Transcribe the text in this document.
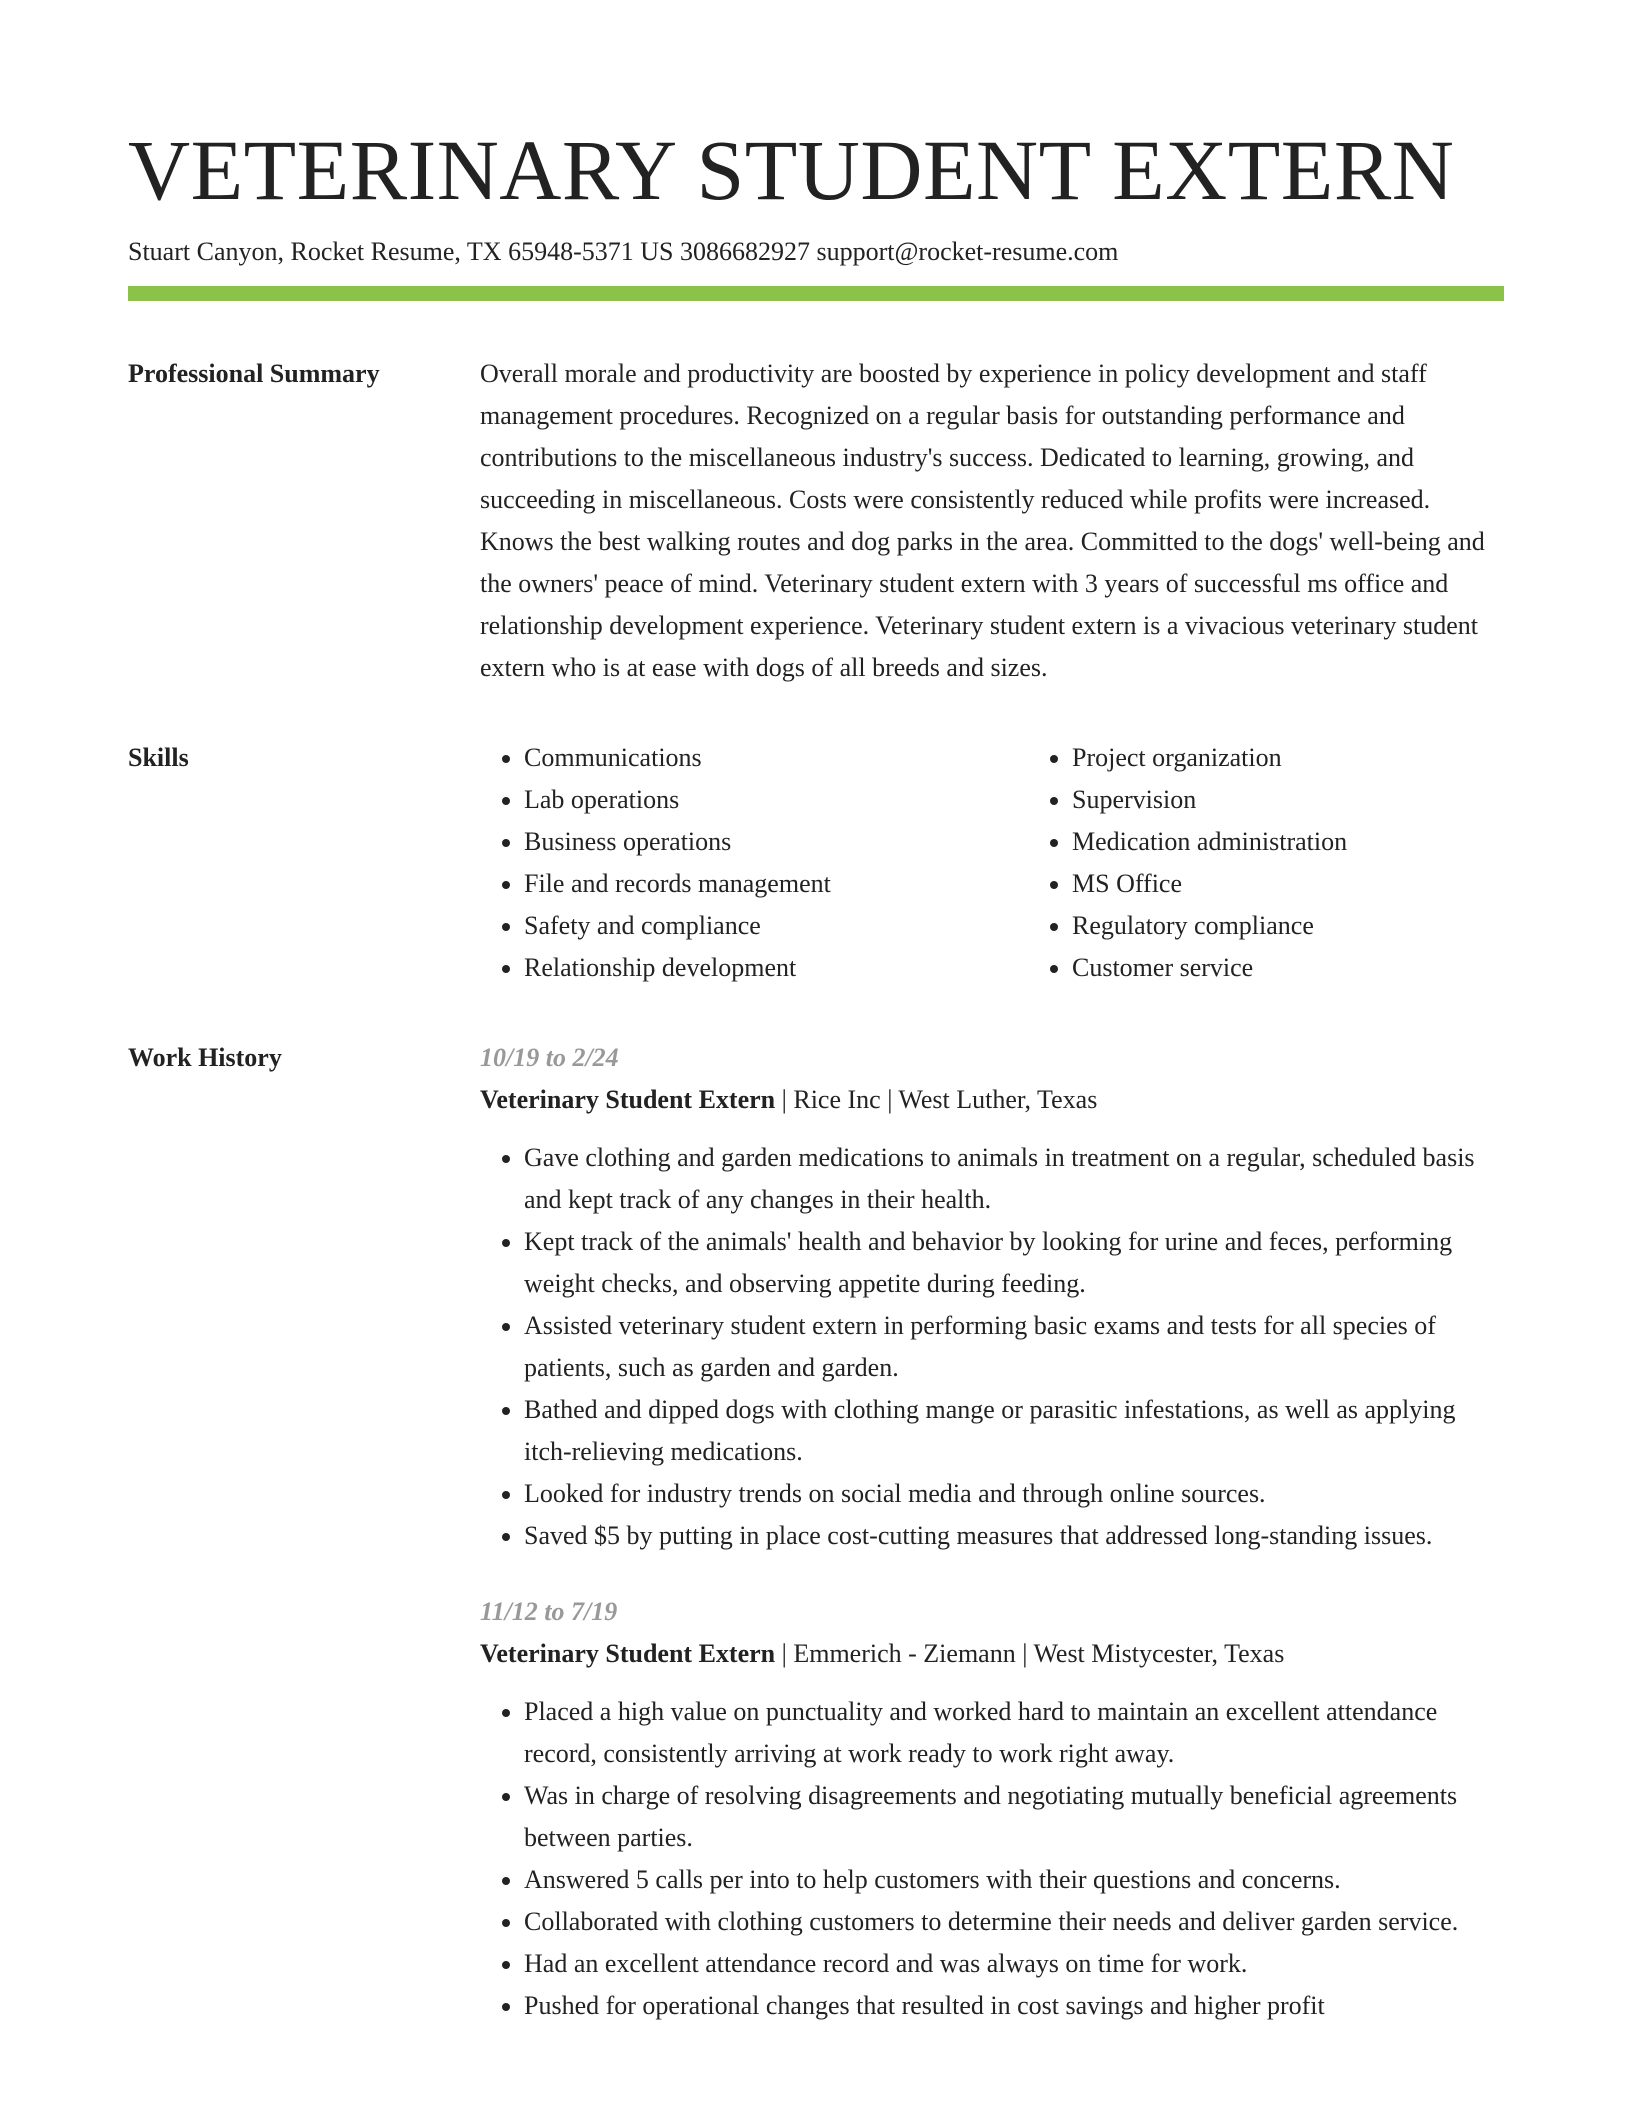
VETERINARY STUDENT EXTERN
Stuart Canyon, Rocket Resume, TX 65948-5371 US 3086682927 support@rocket-resume.com
Professional Summary	Overall morale and productivity are boosted by experience in policy development and staff management procedures. Recognized on a regular basis for outstanding performance and contributions to the miscellaneous industry's success. Dedicated to learning, growing, and succeeding in miscellaneous. Costs were consistently reduced while profits were increased. Knows the best walking routes and dog parks in the area. Committed to the dogs' well-being and the owners' peace of mind. Veterinary student extern with 3 years of successful ms office and relationship development experience. Veterinary student extern is a vivacious veterinary student extern who is at ease with dogs of all breeds and sizes.

Skills
•	Communications
• Lab operations
• Business operations
• File and records management
• Safety and compliance
• Relationship development
• Project organization
• Supervision
• Medication administration
• MS Office
• Regulatory compliance
• Customer service
Work History	10/19 to 2/24
Veterinary Student Extern | Rice Inc | West Luther, Texas
• Gave clothing and garden medications to animals in treatment on a regular, scheduled basis and kept track of any changes in their health.
• Kept track of the animals' health and behavior by looking for urine and feces, performing weight checks, and observing appetite during feeding.
• Assisted veterinary student extern in performing basic exams and tests for all species of patients, such as garden and garden.
• Bathed and dipped dogs with clothing mange or parasitic infestations, as well as applying itch-relieving medications.
• Looked for industry trends on social media and through online sources.
• Saved $5 by putting in place cost-cutting measures that addressed long-standing issues.
11/12 to 7/19
Veterinary Student Extern | Emmerich - Ziemann | West Mistycester, Texas
• Placed a high value on punctuality and worked hard to maintain an excellent attendance record, consistently arriving at work ready to work right away.
• Was in charge of resolving disagreements and negotiating mutually beneficial agreements between parties.
• Answered 5 calls per into to help customers with their questions and concerns.
• Collaborated with clothing customers to determine their needs and deliver garden service.
• Had an excellent attendance record and was always on time for work.
• Pushed for operational changes that resulted in cost savings and higher profit
